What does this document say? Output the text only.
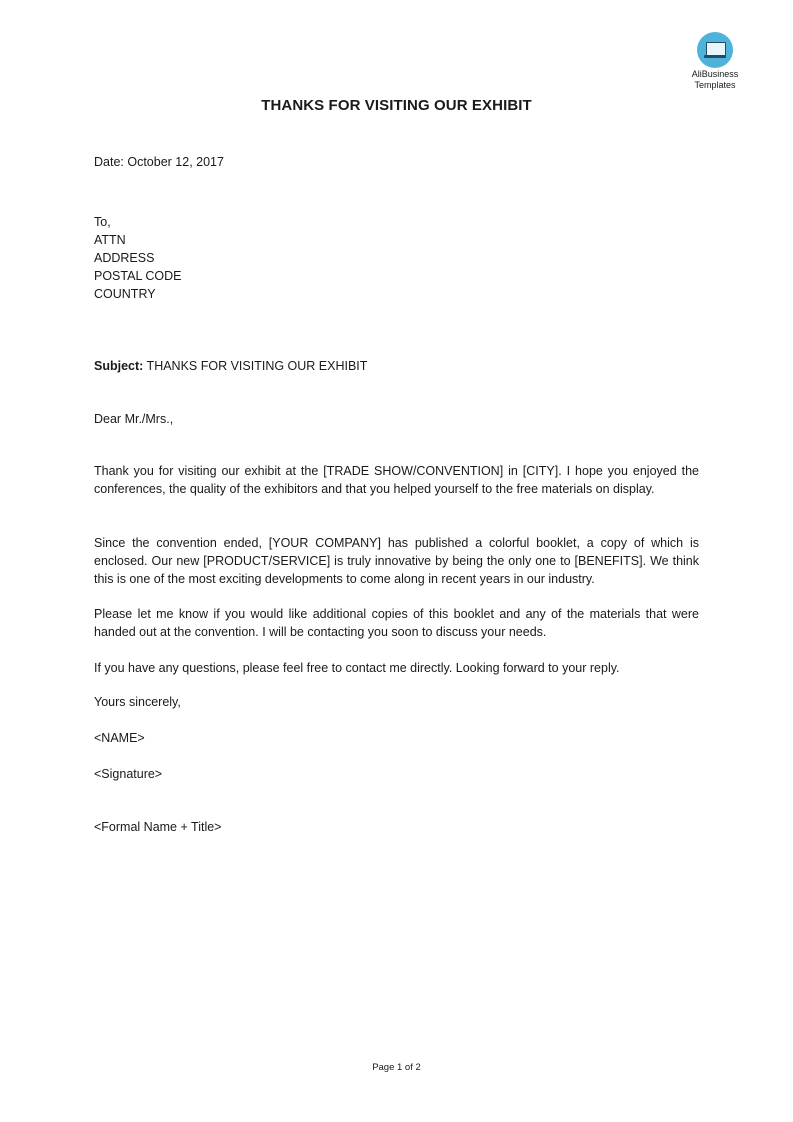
AliBusiness
Templates
THANKS FOR VISITING OUR EXHIBIT
Date: October 12, 2017
To,
ATTN
ADDRESS
POSTAL CODE
COUNTRY
Subject: THANKS FOR VISITING OUR EXHIBIT
Dear Mr./Mrs.,

Thank you for visiting our exhibit at the [TRADE SHOW/CONVENTION] in [CITY]. I hope you enjoyed the conferences, the quality of the exhibitors and that you helped yourself to the free materials on display.

Since the convention ended, [YOUR COMPANY] has published a colorful booklet, a copy of which is enclosed. Our new [PRODUCT/SERVICE] is truly innovative by being the only one to [BENEFITS]. We think this is one of the most exciting developments to come along in recent years in our industry.

Please let me know if you would like additional copies of this booklet and any of the materials that were handed out at the convention. I will be contacting you soon to discuss your needs.

If you have any questions, please feel free to contact me directly. Looking forward to your reply.

Yours sincerely,
<NAME>
<Signature>
<Formal Name + Title>
Page 1 of 2
